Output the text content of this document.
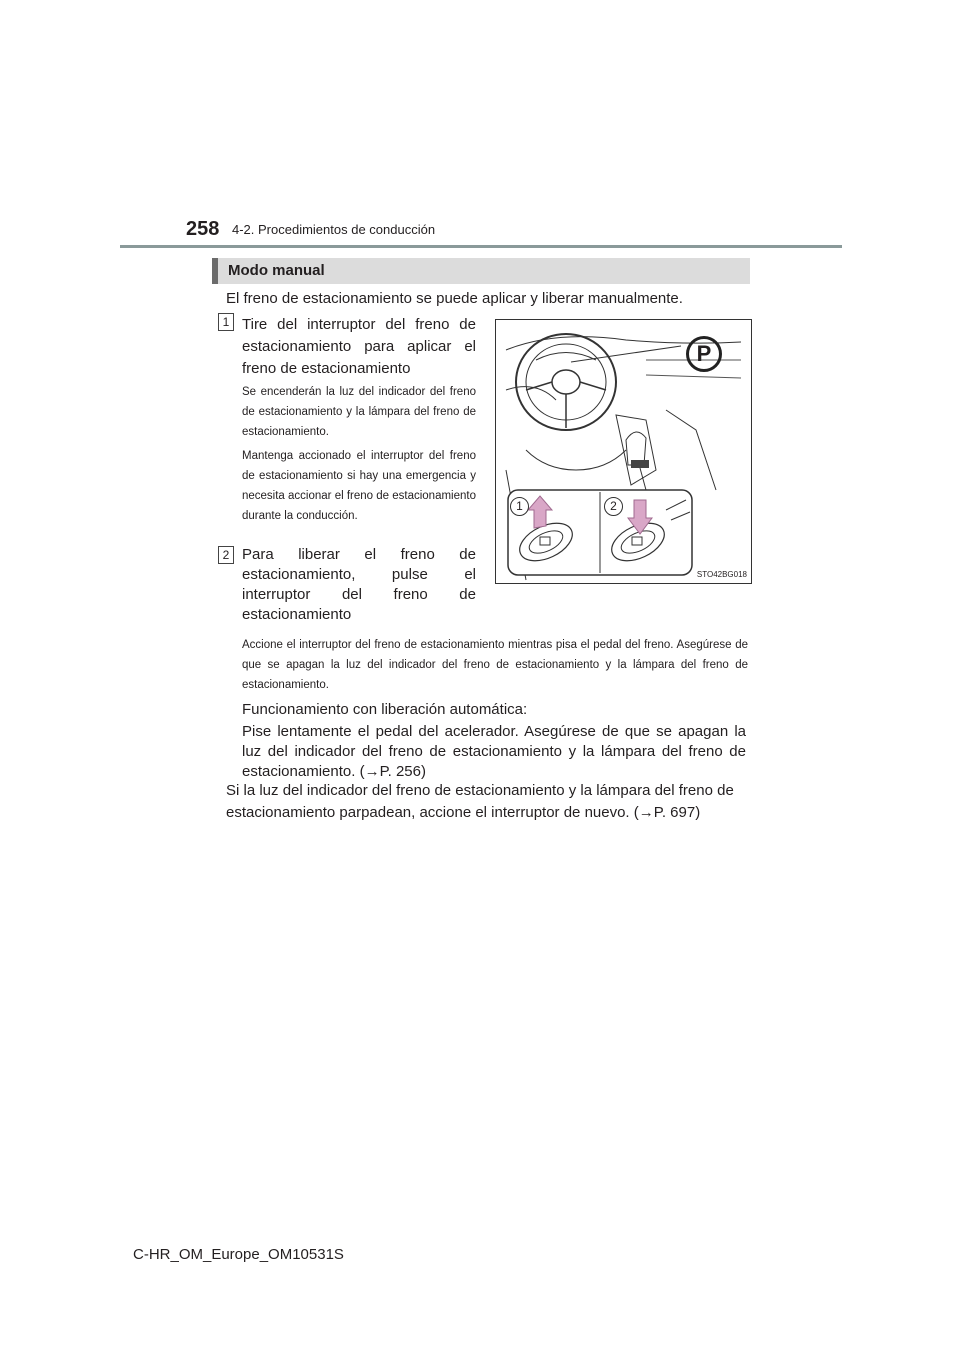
258 4-2. Procedimientos de conducción
Modo manual
El freno de estacionamiento se puede aplicar y liberar manualmente.
1 Tire del interruptor del freno de estacionamiento para aplicar el freno de estacionamiento
Se encenderán la luz del indicador del freno de estacionamiento y la lámpara del freno de estacionamiento.
Mantenga accionado el interruptor del freno de estacionamiento si hay una emergencia y necesita accionar el freno de estacionamiento durante la conducción.
2 Para liberar el freno de estacionamiento, pulse el interruptor del freno de estacionamiento
Accione el interruptor del freno de estacionamiento mientras pisa el pedal del freno. Asegúrese de que se apagan la luz del indicador del freno de estacionamiento y la lámpara del freno de estacionamiento.
P
1	2
STO42BG018
Funcionamiento con liberación automática:
Pise lentamente el pedal del acelerador. Asegúrese de que se apagan la luz del indicador del freno de estacionamiento y la lámpara del freno de estacionamiento. (→P. 256)
Si la luz del indicador del freno de estacionamiento y la lámpara del freno de estacionamiento parpadean, accione el interruptor de nuevo. (→P. 697)
C-HR_OM_Europe_OM10531S
